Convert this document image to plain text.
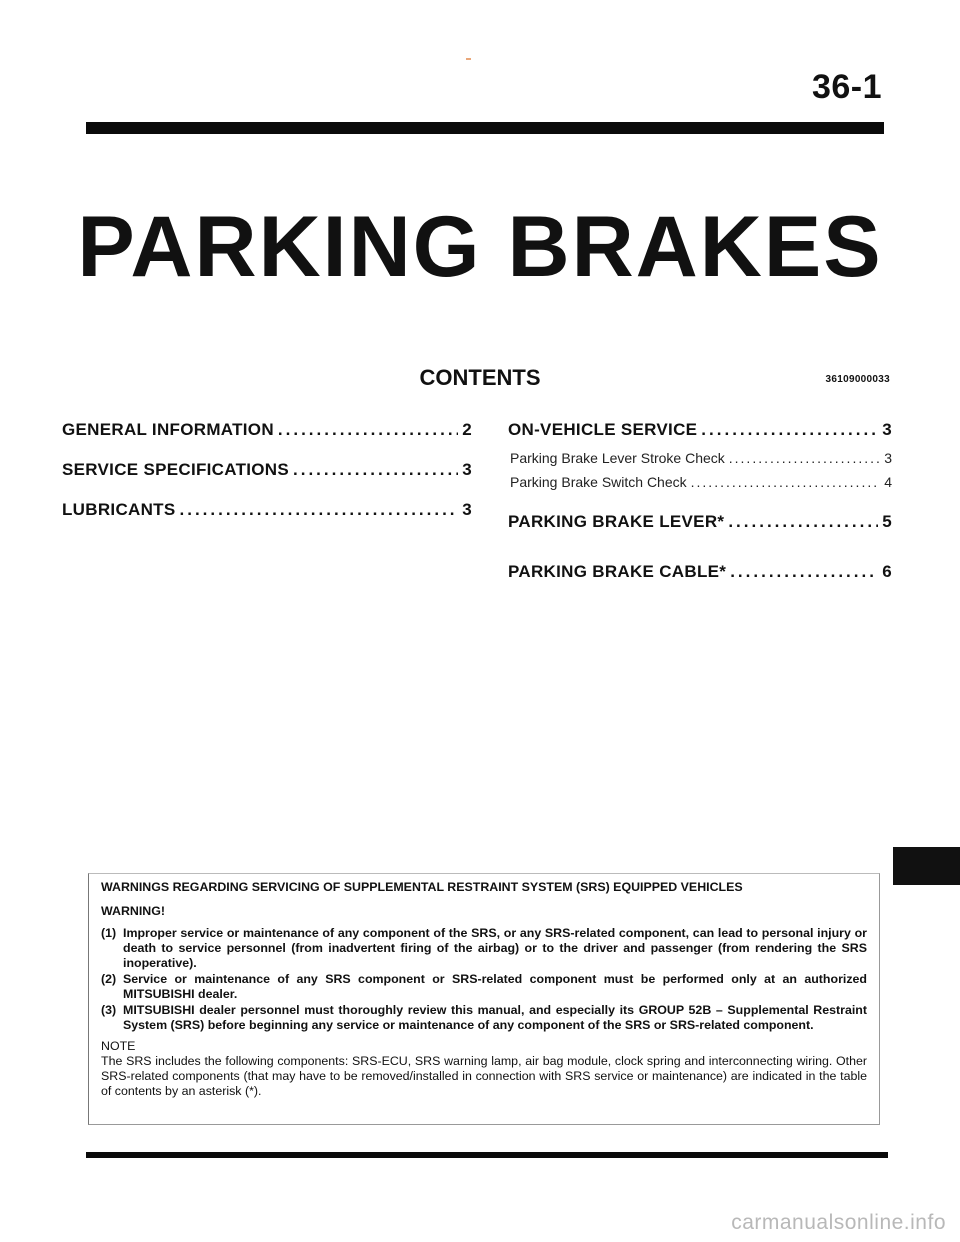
36-1
PARKING BRAKES
CONTENTS	36109000033
GENERAL INFORMATION .....	2
SERVICE SPECIFICATIONS .....	3
LUBRICANTS .....	3
ON-VEHICLE SERVICE .....	3
Parking Brake Lever Stroke Check .....	3
Parking Brake Switch Check .....	4
PARKING BRAKE LEVER* .....	5
PARKING BRAKE CABLE* .....	6
WARNINGS REGARDING SERVICING OF SUPPLEMENTAL RESTRAINT SYSTEM (SRS) EQUIPPED VEHICLES
WARNING!
(1) Improper service or maintenance of any component of the SRS, or any SRS-related component, can lead to personal injury or death to service personnel (from inadvertent firing of the airbag) or to the driver and passenger (from rendering the SRS inoperative).
(2) Service or maintenance of any SRS component or SRS-related component must be performed only at an authorized MITSUBISHI dealer.
(3) MITSUBISHI dealer personnel must thoroughly review this manual, and especially its GROUP 52B – Supplemental Restraint System (SRS) before beginning any service or maintenance of any component of the SRS or SRS-related component.
NOTE
The SRS includes the following components: SRS-ECU, SRS warning lamp, air bag module, clock spring and interconnecting wiring. Other SRS-related components (that may have to be removed/installed in connection with SRS service or maintenance) are indicated in the table of contents by an asterisk (*).
carmanualsonline.info
